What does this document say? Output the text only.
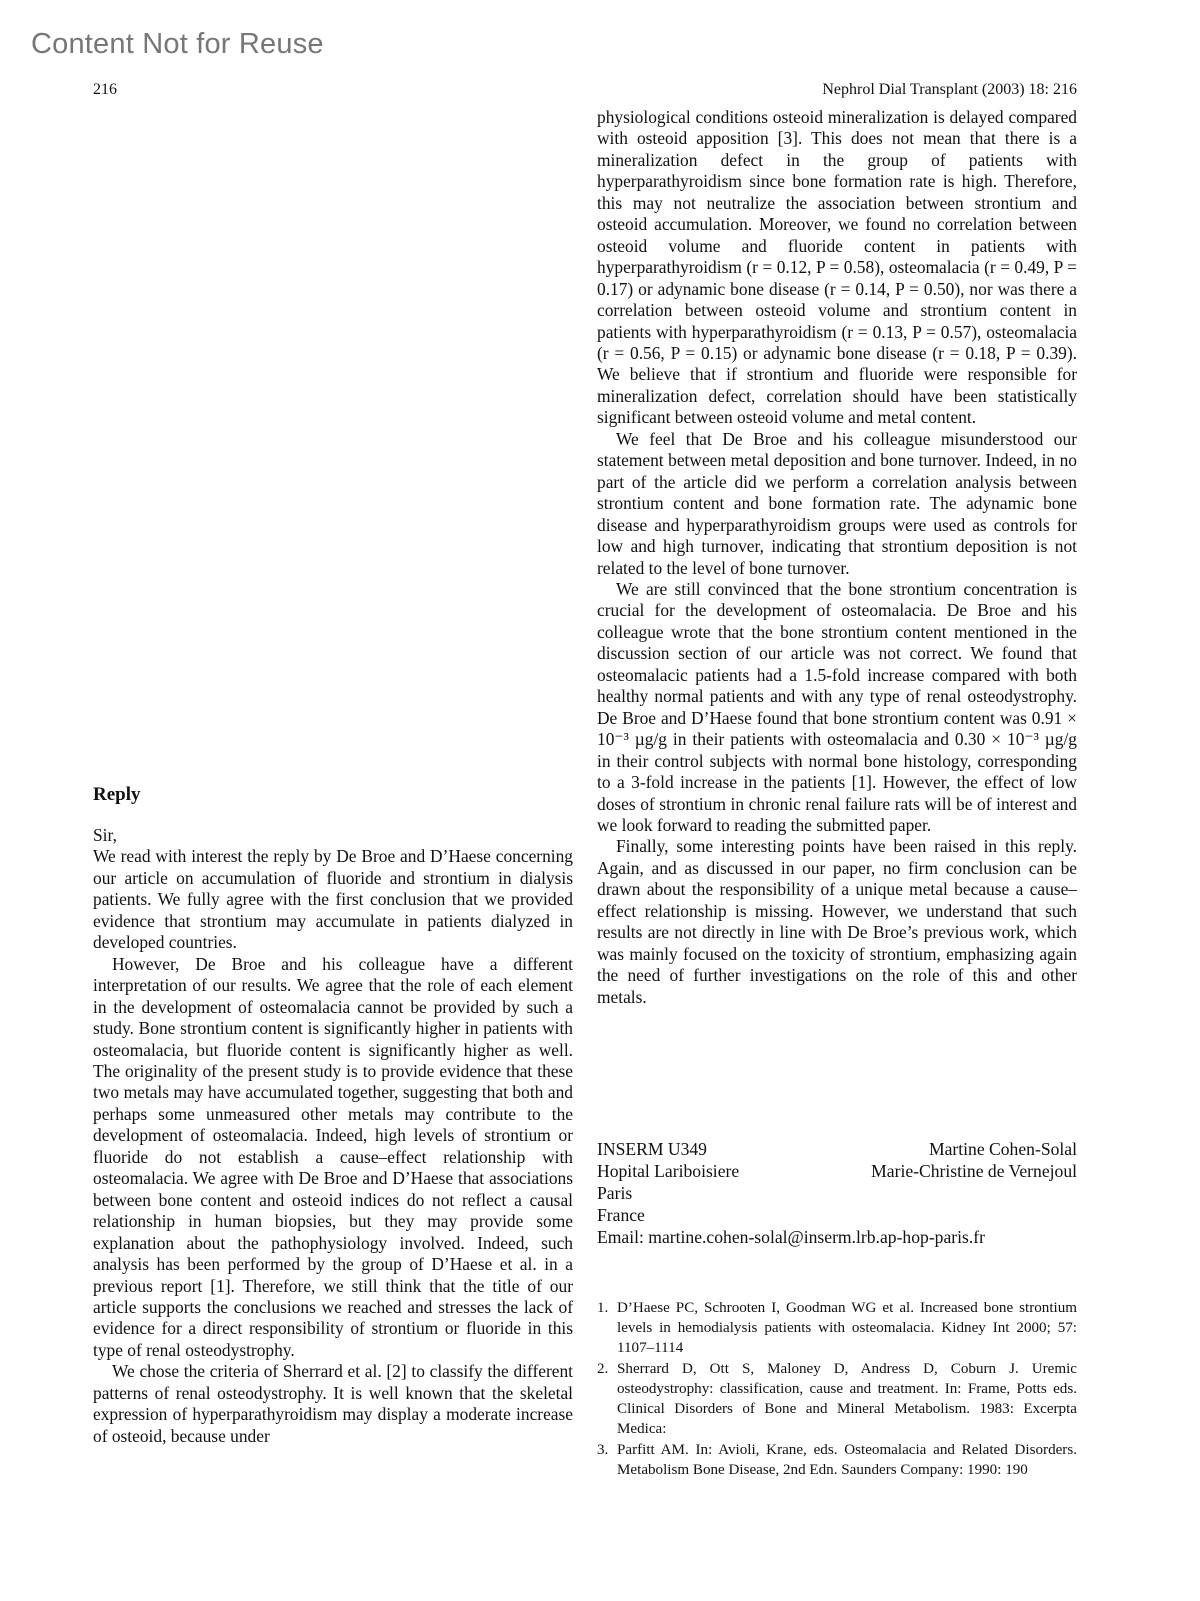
Content Not for Reuse
216	Nephrol Dial Transplant (2003) 18: 216
Reply

Sir,

We read with interest the reply by De Broe and D’Haese concerning our article on accumulation of fluoride and strontium in dialysis patients. We fully agree with the first conclusion that we provided evidence that strontium may accumulate in patients dialyzed in developed countries.

However, De Broe and his colleague have a different interpretation of our results. We agree that the role of each element in the development of osteomalacia cannot be provided by such a study. Bone strontium content is significantly higher in patients with osteomalacia, but fluoride content is significantly higher as well. The originality of the present study is to provide evidence that these two metals may have accumulated together, suggesting that both and perhaps some unmeasured other metals may contribute to the development of osteomalacia. Indeed, high levels of strontium or fluoride do not establish a cause–effect relationship with osteomalacia. We agree with De Broe and D’Haese that associations between bone content and osteoid indices do not reflect a causal relationship in human biopsies, but they may provide some explanation about the pathophysiology involved. Indeed, such analysis has been performed by the group of D’Haese et al. in a previous report [1]. Therefore, we still think that the title of our article supports the conclusions we reached and stresses the lack of evidence for a direct responsibility of strontium or fluoride in this type of renal osteodystrophy.

We chose the criteria of Sherrard et al. [2] to classify the different patterns of renal osteodystrophy. It is well known that the skeletal expression of hyperparathyroidism may display a moderate increase of osteoid, because under

physiological conditions osteoid mineralization is delayed compared with osteoid apposition [3]. This does not mean that there is a mineralization defect in the group of patients with hyperparathyroidism since bone formation rate is high. Therefore, this may not neutralize the association between strontium and osteoid accumulation. Moreover, we found no correlation between osteoid volume and fluoride content in patients with hyperparathyroidism (r = 0.12, P = 0.58), osteomalacia (r = 0.49, P = 0.17) or adynamic bone disease (r = 0.14, P = 0.50), nor was there a correlation between osteoid volume and strontium content in patients with hyperparathyroidism (r = 0.13, P = 0.57), osteomalacia (r = 0.56, P = 0.15) or adynamic bone disease (r = 0.18, P = 0.39). We believe that if strontium and fluoride were responsible for mineralization defect, correlation should have been statistically significant between osteoid volume and metal content.

We feel that De Broe and his colleague misunderstood our statement between metal deposition and bone turnover. Indeed, in no part of the article did we perform a correlation analysis between strontium content and bone formation rate. The adynamic bone disease and hyperparathyroidism groups were used as controls for low and high turnover, indicating that strontium deposition is not related to the level of bone turnover.

We are still convinced that the bone strontium concentration is crucial for the development of osteomalacia. De Broe and his colleague wrote that the bone strontium content mentioned in the discussion section of our article was not correct. We found that osteomalacic patients had a 1.5-fold increase compared with both healthy normal patients and with any type of renal osteodystrophy. De Broe and D’Haese found that bone strontium content was 0.91 × 10⁻³ µg/g in their patients with osteomalacia and 0.30 × 10⁻³ µg/g in their control subjects with normal bone histology, corresponding to a 3-fold increase in the patients [1]. However, the effect of low doses of strontium in chronic renal failure rats will be of interest and we look forward to reading the submitted paper.

Finally, some interesting points have been raised in this reply. Again, and as discussed in our paper, no firm conclusion can be drawn about the responsibility of a unique metal because a cause–effect relationship is missing. However, we understand that such results are not directly in line with De Broe’s previous work, which was mainly focused on the toxicity of strontium, emphasizing again the need of further investigations on the role of this and other metals.

INSERM U349	Martine Cohen-Solal
Hopital Lariboisiere	Marie-Christine de Vernejoul
Paris
France
Email: martine.cohen-solal@inserm.lrb.ap-hop-paris.fr
1. D’Haese PC, Schrooten I, Goodman WG et al. Increased bone strontium levels in hemodialysis patients with osteomalacia. Kidney Int 2000; 57: 1107–1114
2. Sherrard D, Ott S, Maloney D, Andress D, Coburn J. Uremic osteodystrophy: classification, cause and treatment. In: Frame, Potts eds. Clinical Disorders of Bone and Mineral Metabolism. 1983: Excerpta Medica:
3. Parfitt AM. In: Avioli, Krane, eds. Osteomalacia and Related Disorders. Metabolism Bone Disease, 2nd Edn. Saunders Company: 1990: 190
